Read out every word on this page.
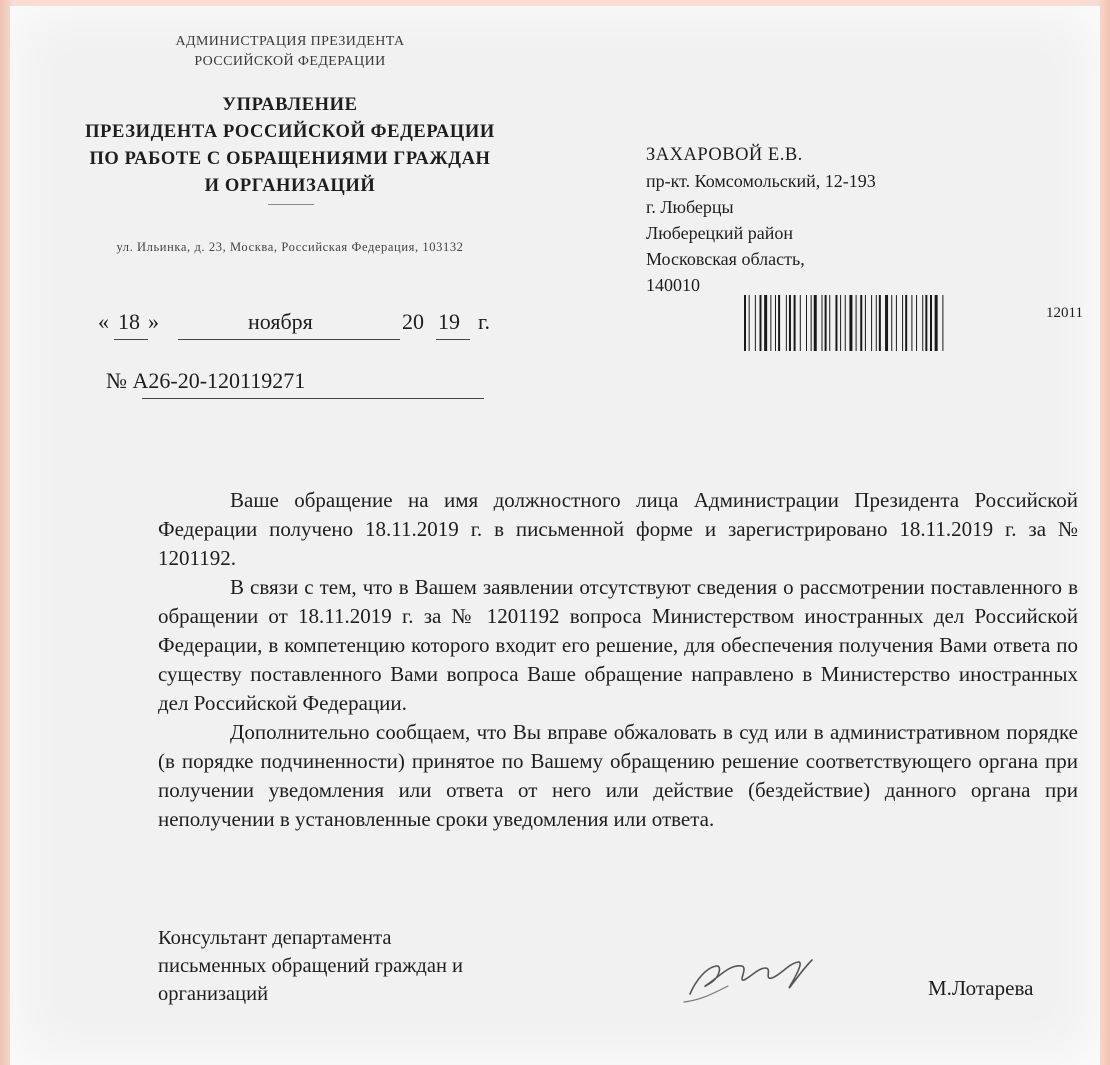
АДМИНИСТРАЦИЯ ПРЕЗИДЕНТА
РОССИЙСКОЙ ФЕДЕРАЦИИ
УПРАВЛЕНИЕ
ПРЕЗИДЕНТА РОССИЙСКОЙ ФЕДЕРАЦИИ
ПО РАБОТЕ С ОБРАЩЕНИЯМИ ГРАЖДАН
И ОРГАНИЗАЦИЙ
ул. Ильинка, д. 23, Москва, Российская Федерация, 103132
ЗАХАРОВОЙ Е.В.
пр-кт. Комсомольский, 12-193
г. Люберцы
Люберецкий район
Московская область,
140010
12011
« 18 »	ноября	20 19 г.
№ А26-20-120119271

Ваше обращение на имя должностного лица Администрации Президента Российской Федерации получено 18.11.2019 г. в письменной форме и зарегистрировано 18.11.2019 г. за № 1201192.

В связи с тем, что в Вашем заявлении отсутствуют сведения о рассмотрении поставленного в обращении от 18.11.2019 г. за № 1201192 вопроса Министерством иностранных дел Российской Федерации, в компетенцию которого входит его решение, для обеспечения получения Вами ответа по существу поставленного Вами вопроса Ваше обращение направлено в Министерство иностранных дел Российской Федерации.

Дополнительно сообщаем, что Вы вправе обжаловать в суд или в административном порядке (в порядке подчиненности) принятое по Вашему обращению решение соответствующего органа при получении уведомления или ответа от него или действие (бездействие) данного органа при неполучении в установленные сроки уведомления или ответа.

Консультант департамента
письменных обращений граждан и
организаций	М.Лотарева
